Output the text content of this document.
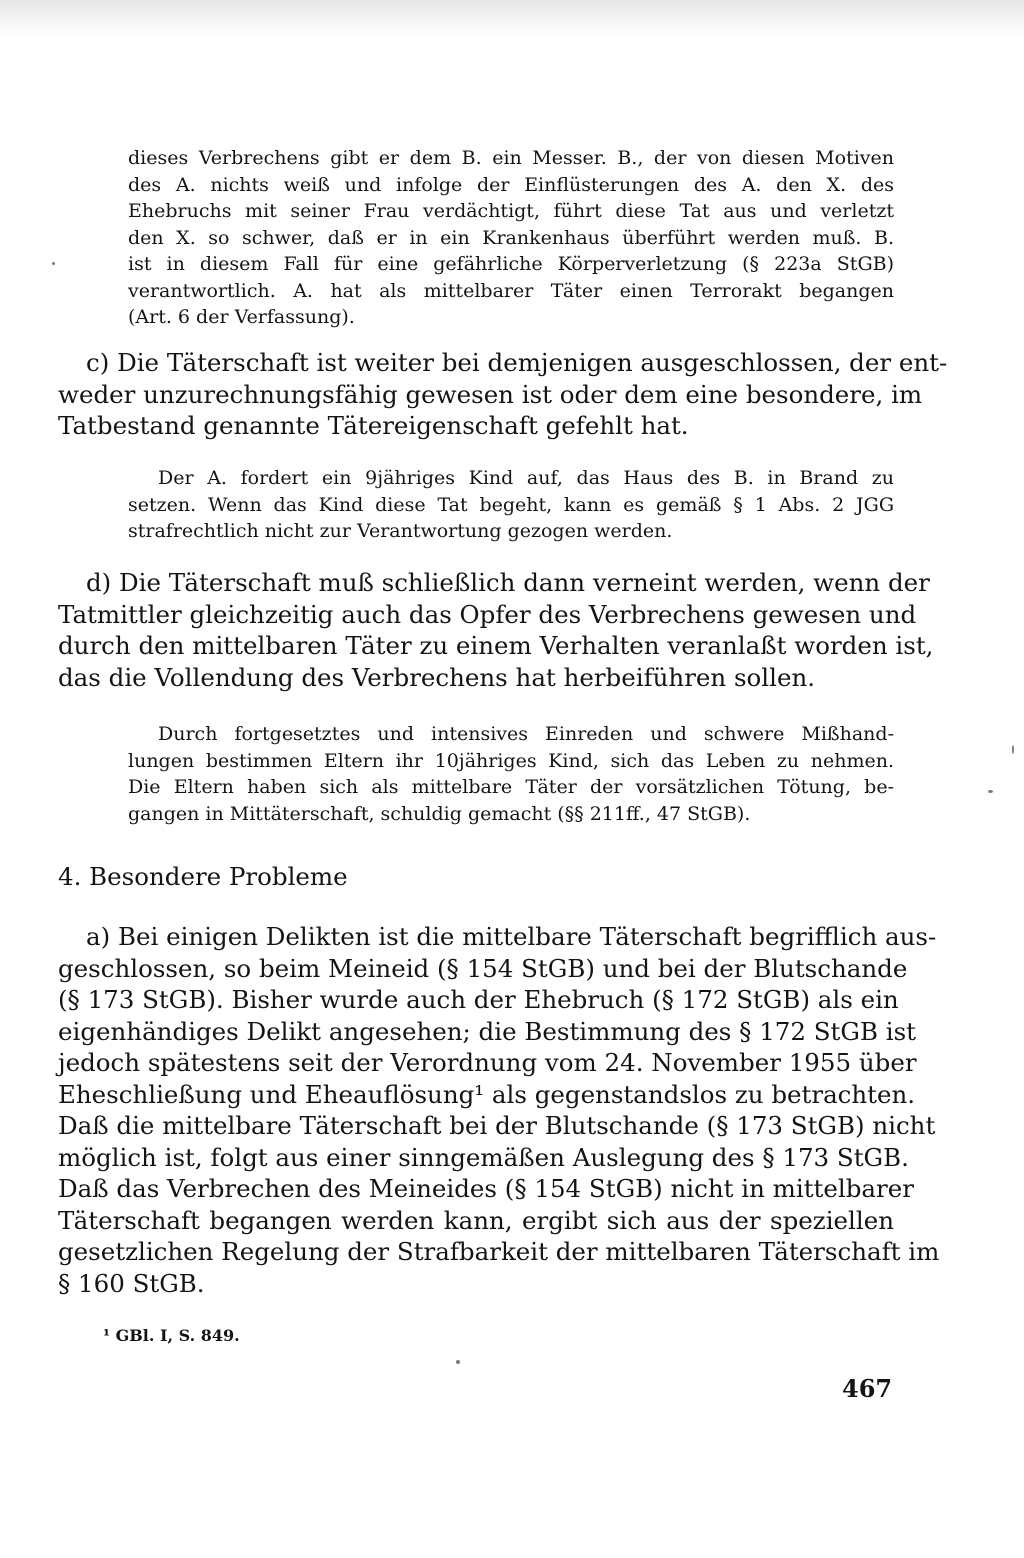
dieses Verbrechens gibt er dem B. ein Messer. B., der von diesen Motiven
des A. nichts weiß und infolge der Einflüsterungen des A. den X. des
Ehebruchs mit seiner Frau verdächtigt, führt diese Tat aus und verletzt
den X. so schwer, daß er in ein Krankenhaus überführt werden muß. B.
ist in diesem Fall für eine gefährliche Körperverletzung (§ 223a StGB)
verantwortlich. A. hat als mittelbarer Täter einen Terrorakt begangen
(Art. 6 der Verfassung).
c) Die Täterschaft ist weiter bei demjenigen ausgeschlossen, der ent-
weder unzurechnungsfähig gewesen ist oder dem eine besondere, im
Tatbestand genannte Tätereigenschaft gefehlt hat.
Der A. fordert ein 9jähriges Kind auf, das Haus des B. in Brand zu
setzen. Wenn das Kind diese Tat begeht, kann es gemäß § 1 Abs. 2 JGG
strafrechtlich nicht zur Verantwortung gezogen werden.
d) Die Täterschaft muß schließlich dann verneint werden, wenn der
Tatmittler gleichzeitig auch das Opfer des Verbrechens gewesen und
durch den mittelbaren Täter zu einem Verhalten veranlaßt worden ist,
das die Vollendung des Verbrechens hat herbeiführen sollen.
Durch fortgesetztes und intensives Einreden und schwere Mißhand-
lungen bestimmen Eltern ihr 10jähriges Kind, sich das Leben zu nehmen.
Die Eltern haben sich als mittelbare Täter der vorsätzlichen Tötung, be-
gangen in Mittäterschaft, schuldig gemacht (§§ 211ff., 47 StGB).
4. Besondere Probleme
a) Bei einigen Delikten ist die mittelbare Täterschaft begrifflich aus-
geschlossen, so beim Meineid (§ 154 StGB) und bei der Blutschande
(§ 173 StGB). Bisher wurde auch der Ehebruch (§ 172 StGB) als ein
eigenhändiges Delikt angesehen; die Bestimmung des § 172 StGB ist
jedoch spätestens seit der Verordnung vom 24. November 1955 über
Eheschließung und Eheauflösung¹ als gegenstandslos zu betrachten.
Daß die mittelbare Täterschaft bei der Blutschande (§ 173 StGB) nicht
möglich ist, folgt aus einer sinngemäßen Auslegung des § 173 StGB.
Daß das Verbrechen des Meineides (§ 154 StGB) nicht in mittelbarer
Täterschaft begangen werden kann, ergibt sich aus der speziellen
gesetzlichen Regelung der Strafbarkeit der mittelbaren Täterschaft im
§ 160 StGB.
¹ GBl. I, S. 849.
467
